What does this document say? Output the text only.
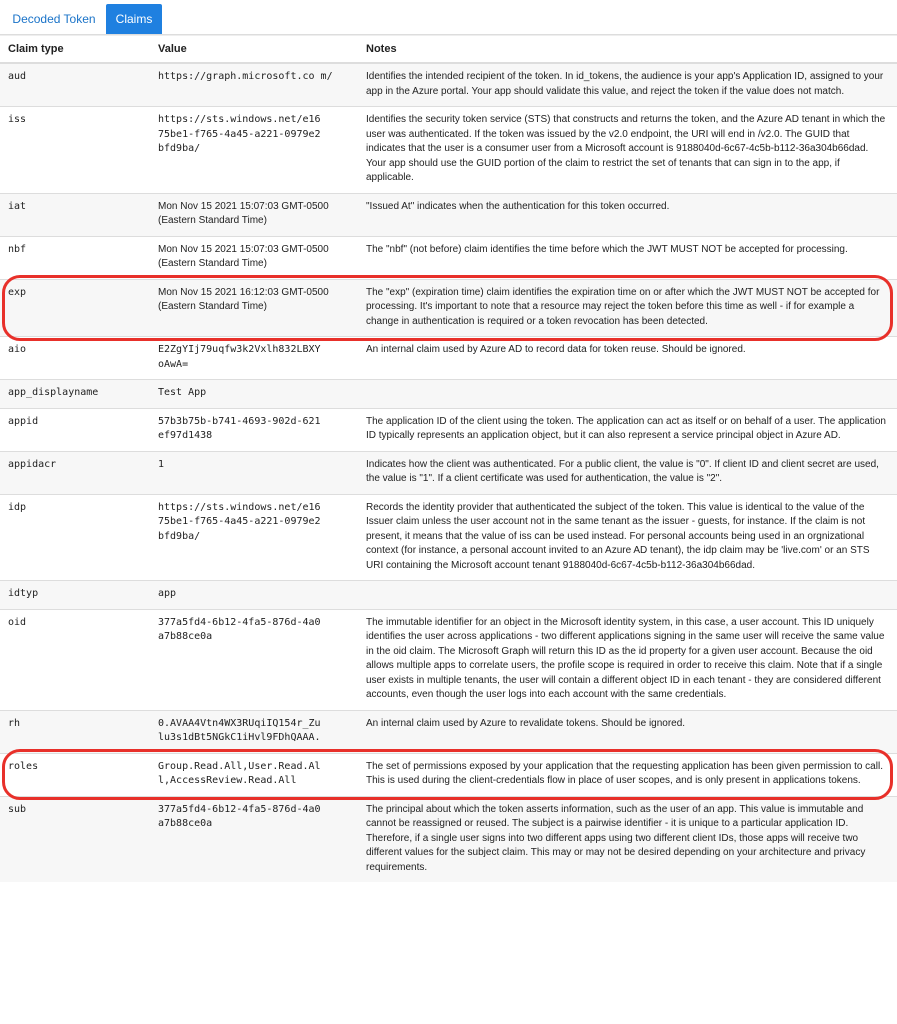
Decoded Token	Claims
Claim type	Value	Notes
aud	https://graph.microsoft.co m/	Identifies the intended recipient of the token. In id_tokens, the audience is your app's Application ID, assigned to your app in the Azure portal. Your app should validate this value, and reject the token if the value does not match.
iss	https://sts.windows.net/e16 75be1-f765-4a45-a221-0979e2 bfd9ba/	Identifies the security token service (STS) that constructs and returns the token, and the Azure AD tenant in which the user was authenticated. If the token was issued by the v2.0 endpoint, the URI will end in /v2.0. The GUID that indicates that the user is a consumer user from a Microsoft account is 9188040d-6c67-4c5b-b112-36a304b66dad. Your app should use the GUID portion of the claim to restrict the set of tenants that can sign in to the app, if applicable.
iat	Mon Nov 15 2021 15:07:03 GMT-0500 (Eastern Standard Time)	"Issued At" indicates when the authentication for this token occurred.
nbf	Mon Nov 15 2021 15:07:03 GMT-0500 (Eastern Standard Time)	The "nbf" (not before) claim identifies the time before which the JWT MUST NOT be accepted for processing.
exp	Mon Nov 15 2021 16:12:03 GMT-0500 (Eastern Standard Time)	The "exp" (expiration time) claim identifies the expiration time on or after which the JWT MUST NOT be accepted for processing. It's important to note that a resource may reject the token before this time as well - if for example a change in authentication is required or a token revocation has been detected.
aio	E2ZgYIj79uqfw3k2Vxlh832LBXY oAwA=	An internal claim used by Azure AD to record data for token reuse. Should be ignored.
app_displayname	Test App	
appid	57b3b75b-b741-4693-902d-621 ef97d1438	The application ID of the client using the token. The application can act as itself or on behalf of a user. The application ID typically represents an application object, but it can also represent a service principal object in Azure AD.
appidacr	1	Indicates how the client was authenticated. For a public client, the value is "0". If client ID and client secret are used, the value is "1". If a client certificate was used for authentication, the value is "2".
idp	https://sts.windows.net/e16 75be1-f765-4a45-a221-0979e2 bfd9ba/	Records the identity provider that authenticated the subject of the token. This value is identical to the value of the Issuer claim unless the user account not in the same tenant as the issuer - guests, for instance. If the claim is not present, it means that the value of iss can be used instead. For personal accounts being used in an orgnizational context (for instance, a personal account invited to an Azure AD tenant), the idp claim may be 'live.com' or an STS URI containing the Microsoft account tenant 9188040d-6c67-4c5b-b112-36a304b66dad.
idtyp	app	
oid	377a5fd4-6b12-4fa5-876d-4a0 a7b88ce0a	The immutable identifier for an object in the Microsoft identity system, in this case, a user account. This ID uniquely identifies the user across applications - two different applications signing in the same user will receive the same value in the oid claim. The Microsoft Graph will return this ID as the id property for a given user account. Because the oid allows multiple apps to correlate users, the profile scope is required in order to receive this claim. Note that if a single user exists in multiple tenants, the user will contain a different object ID in each tenant - they are considered different accounts, even though the user logs into each account with the same credentials.
rh	0.AVAA4Vtn4WX3RUqiIQ154r_Zu lu3s1dBt5NGkC1iHvl9FDhQAAA.	An internal claim used by Azure to revalidate tokens. Should be ignored.
roles	Group.Read.All,User.Read.Al l,AccessReview.Read.All	The set of permissions exposed by your application that the requesting application has been given permission to call. This is used during the client-credentials flow in place of user scopes, and is only present in applications tokens.
sub	377a5fd4-6b12-4fa5-876d-4a0 a7b88ce0a	The principal about which the token asserts information, such as the user of an app. This value is immutable and cannot be reassigned or reused. The subject is a pairwise identifier - it is unique to a particular application ID. Therefore, if a single user signs into two different apps using two different client IDs, those apps will receive two different values for the subject claim. This may or may not be desired depending on your architecture and privacy requirements.
